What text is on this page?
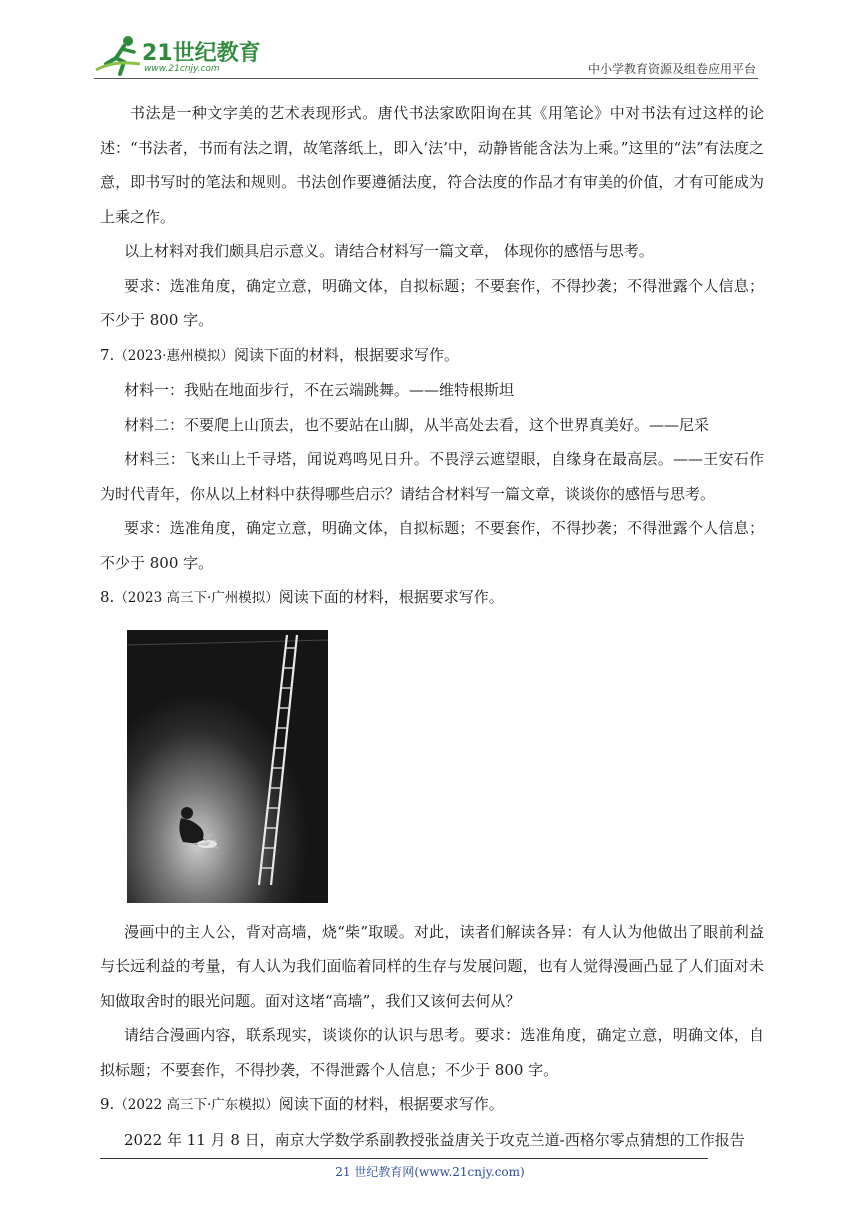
21世纪教育
www.21cnjy.com	中小学教育资源及组卷应用平台

书法是一种文字美的艺术表现形式。唐代书法家欧阳询在其《用笔论》中对书法有过这样的论述：“书法者，书而有法之谓，故笔落纸上，即入‘法’中，动静皆能含法为上乘。”这里的“法”有法度之意，即书写时的笔法和规则。书法创作要遵循法度，符合法度的作品才有审美的价值，才有可能成为上乘之作。

以上材料对我们颇具启示意义。请结合材料写一篇文章， 体现你的感悟与思考。

要求：选准角度，确定立意，明确文体，自拟标题；不要套作，不得抄袭；不得泄露个人信息；不少于 800 字。

7.（2023·惠州模拟）阅读下面的材料，根据要求写作。

材料一：我贴在地面步行，不在云端跳舞。——维特根斯坦

材料二：不要爬上山顶去，也不要站在山脚，从半高处去看，这个世界真美好。——尼采

材料三：飞来山上千寻塔，闻说鸡鸣见日升。不畏浮云遮望眼，自缘身在最高层。——王安石作为时代青年，你从以上材料中获得哪些启示？请结合材料写一篇文章，谈谈你的感悟与思考。

要求：选准角度，确定立意，明确文体，自拟标题；不要套作，不得抄袭；不得泄露个人信息；不少于 800 字。

8.（2023 高三下·广州模拟）阅读下面的材料，根据要求写作。

漫画中的主人公，背对高墙，烧“柴”取暖。对此，读者们解读各异：有人认为他做出了眼前利益与长远利益的考量，有人认为我们面临着同样的生存与发展问题，也有人觉得漫画凸显了人们面对未知做取舍时的眼光问题。面对这堵“高墙”，我们又该何去何从？

请结合漫画内容，联系现实，谈谈你的认识与思考。要求：选准角度，确定立意，明确文体，自拟标题；不要套作，不得抄袭，不得泄露个人信息；不少于 800 字。

9.（2022 高三下·广东模拟）阅读下面的材料，根据要求写作。

2022 年 11 月 8 日，南京大学数学系副教授张益唐关于攻克兰道-西格尔零点猜想的工作报告

21 世纪教育网(www.21cnjy.com)
